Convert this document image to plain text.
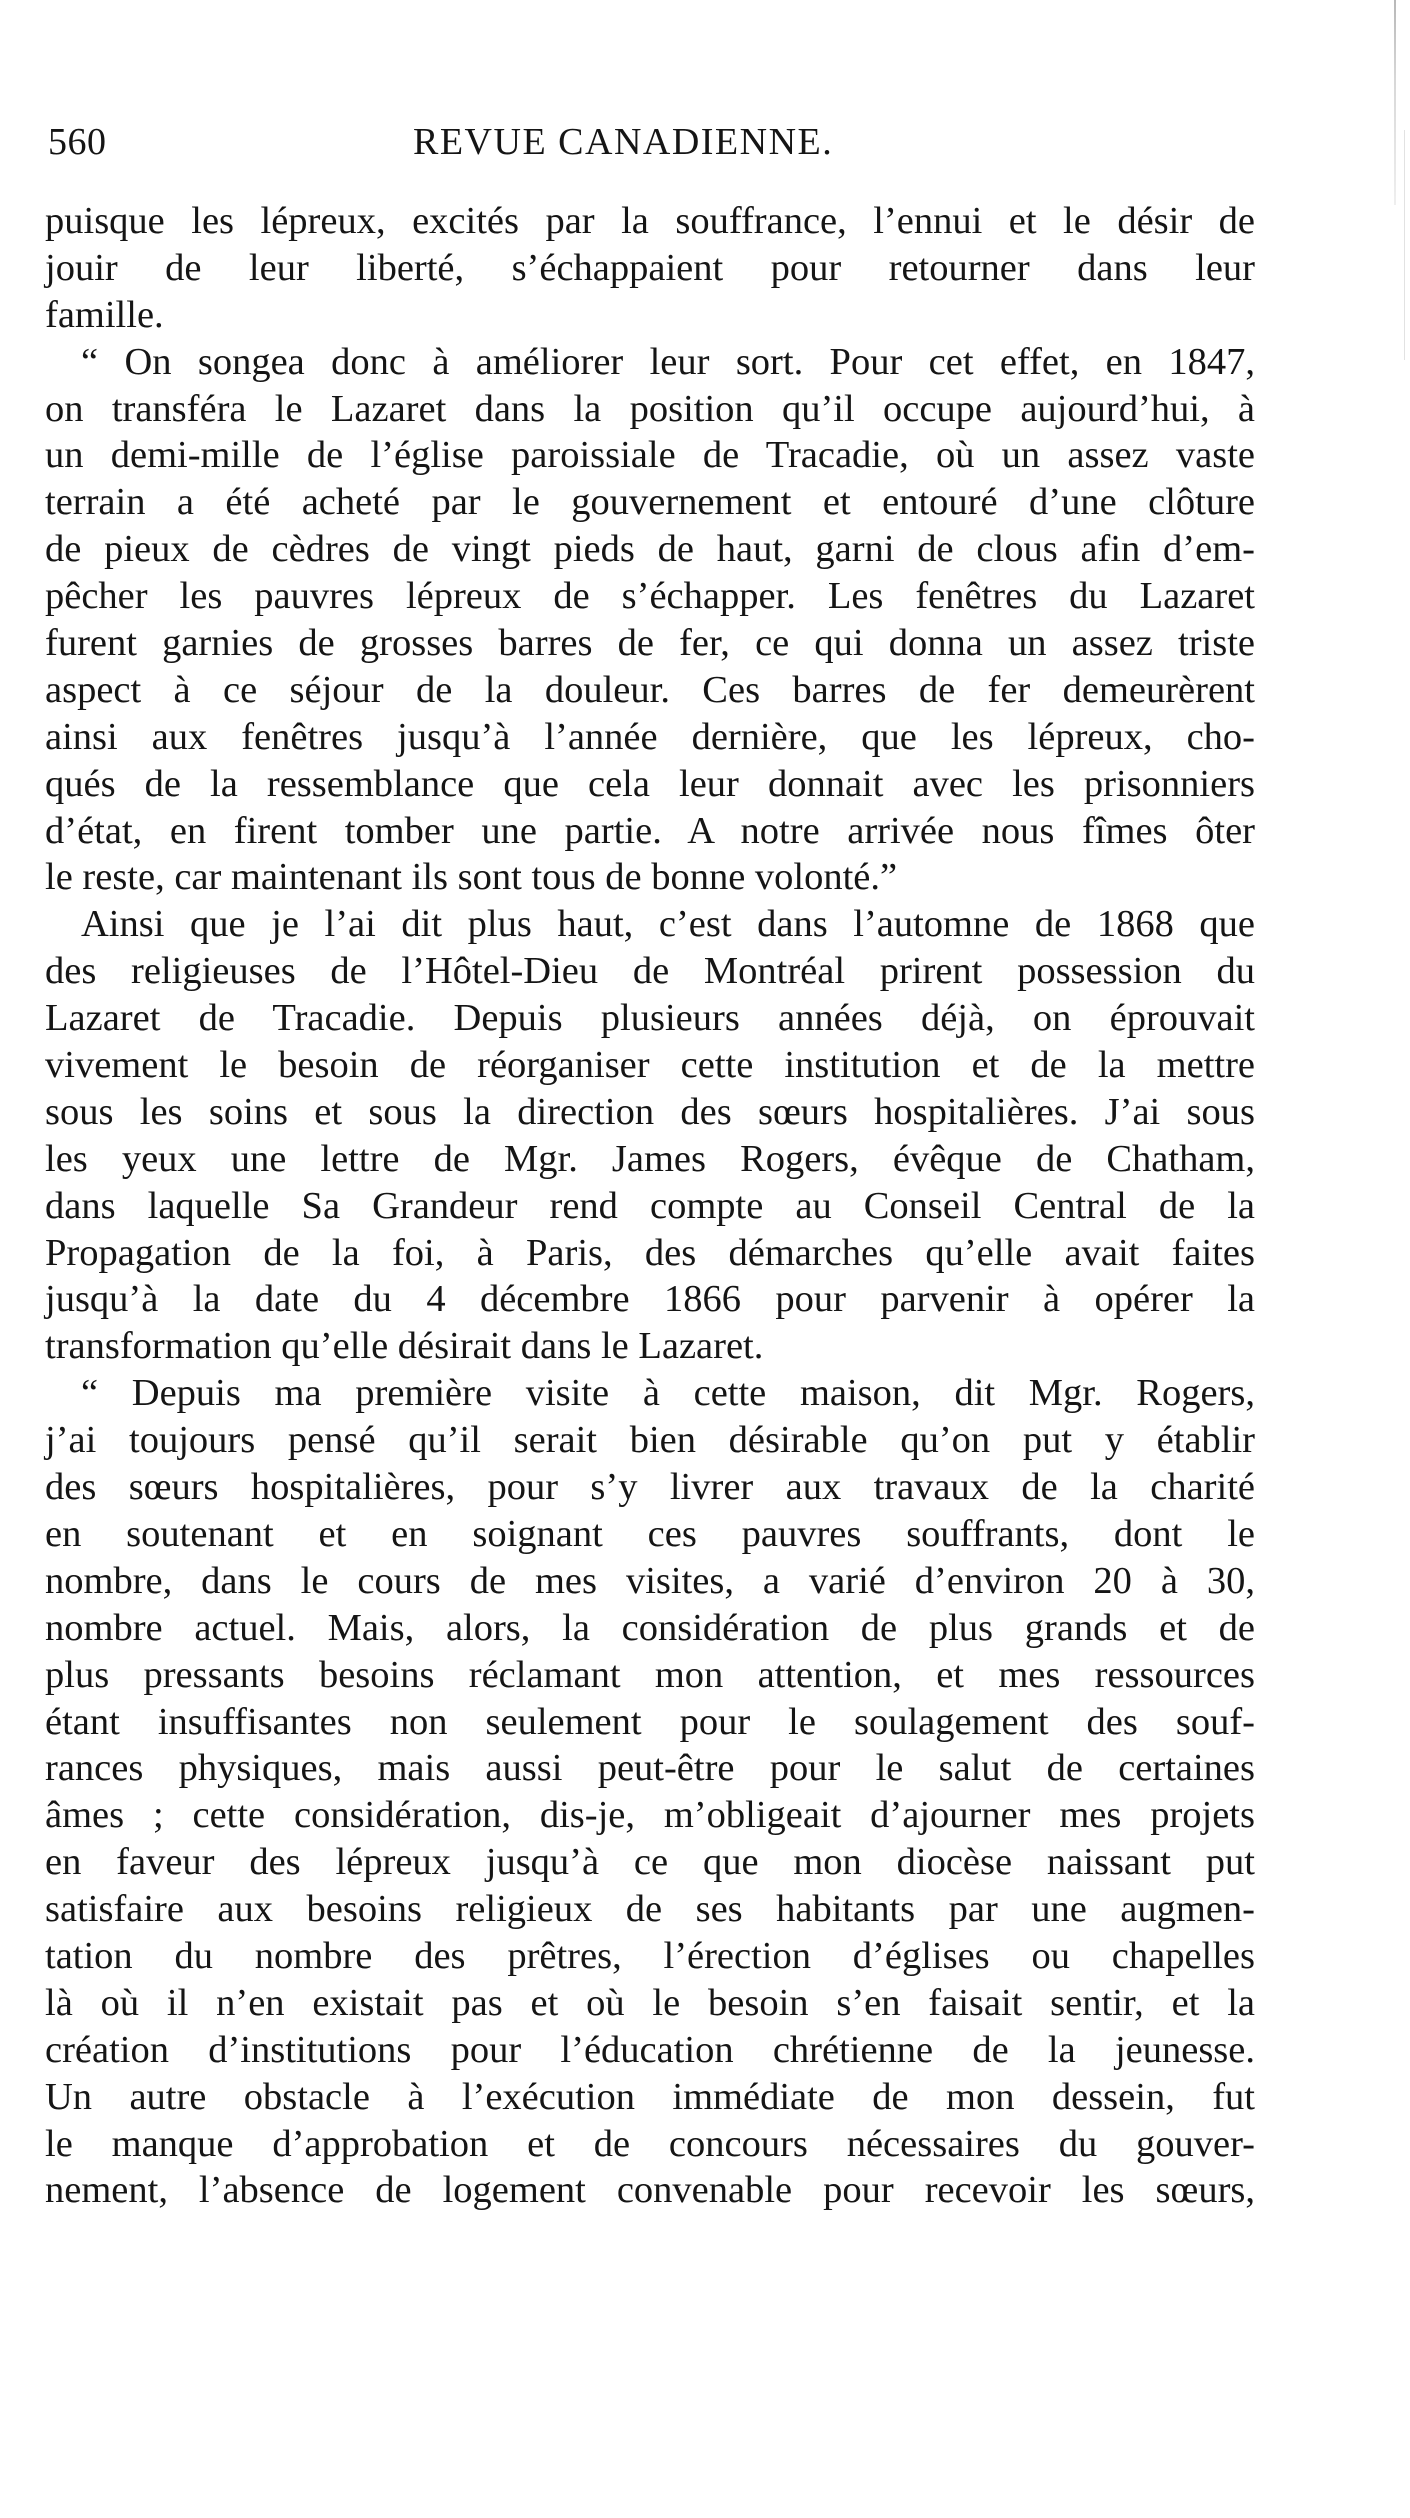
560	REVUE CANADIENNE.
puisque les lépreux, excités par la souffrance, l’ennui et le désir de
jouir de leur liberté, s’échappaient pour retourner dans leur
famille.
“ On songea donc à améliorer leur sort. Pour cet effet, en 1847,
on transféra le Lazaret dans la position qu’il occupe aujourd’hui, à
un demi-mille de l’église paroissiale de Tracadie, où un assez vaste
terrain a été acheté par le gouvernement et entouré d’une clôture
de pieux de cèdres de vingt pieds de haut, garni de clous afin d’em-
pêcher les pauvres lépreux de s’échapper. Les fenêtres du Lazaret
furent garnies de grosses barres de fer, ce qui donna un assez triste
aspect à ce séjour de la douleur. Ces barres de fer demeurèrent
ainsi aux fenêtres jusqu’à l’année dernière, que les lépreux, cho-
qués de la ressemblance que cela leur donnait avec les prisonniers
d’état, en firent tomber une partie. A notre arrivée nous fîmes ôter
le reste, car maintenant ils sont tous de bonne volonté.”
Ainsi que je l’ai dit plus haut, c’est dans l’automne de 1868 que
des religieuses de l’Hôtel-Dieu de Montréal prirent possession du
Lazaret de Tracadie. Depuis plusieurs années déjà, on éprouvait
vivement le besoin de réorganiser cette institution et de la mettre
sous les soins et sous la direction des sœurs hospitalières. J’ai sous
les yeux une lettre de Mgr. James Rogers, évêque de Chatham,
dans laquelle Sa Grandeur rend compte au Conseil Central de la
Propagation de la foi, à Paris, des démarches qu’elle avait faites
jusqu’à la date du 4 décembre 1866 pour parvenir à opérer la
transformation qu’elle désirait dans le Lazaret.
“ Depuis ma première visite à cette maison, dit Mgr. Rogers,
j’ai toujours pensé qu’il serait bien désirable qu’on put y établir
des sœurs hospitalières, pour s’y livrer aux travaux de la charité
en soutenant et en soignant ces pauvres souffrants, dont le
nombre, dans le cours de mes visites, a varié d’environ 20 à 30,
nombre actuel. Mais, alors, la considération de plus grands et de
plus pressants besoins réclamant mon attention, et mes ressources
étant insuffisantes non seulement pour le soulagement des souf-
rances physiques, mais aussi peut-être pour le salut de certaines
âmes ; cette considération, dis-je, m’obligeait d’ajourner mes projets
en faveur des lépreux jusqu’à ce que mon diocèse naissant put
satisfaire aux besoins religieux de ses habitants par une augmen-
tation du nombre des prêtres, l’érection d’églises ou chapelles
là où il n’en existait pas et où le besoin s’en faisait sentir, et la
création d’institutions pour l’éducation chrétienne de la jeunesse.
Un autre obstacle à l’exécution immédiate de mon dessein, fut
le manque d’approbation et de concours nécessaires du gouver-
nement, l’absence de logement convenable pour recevoir les sœurs,
